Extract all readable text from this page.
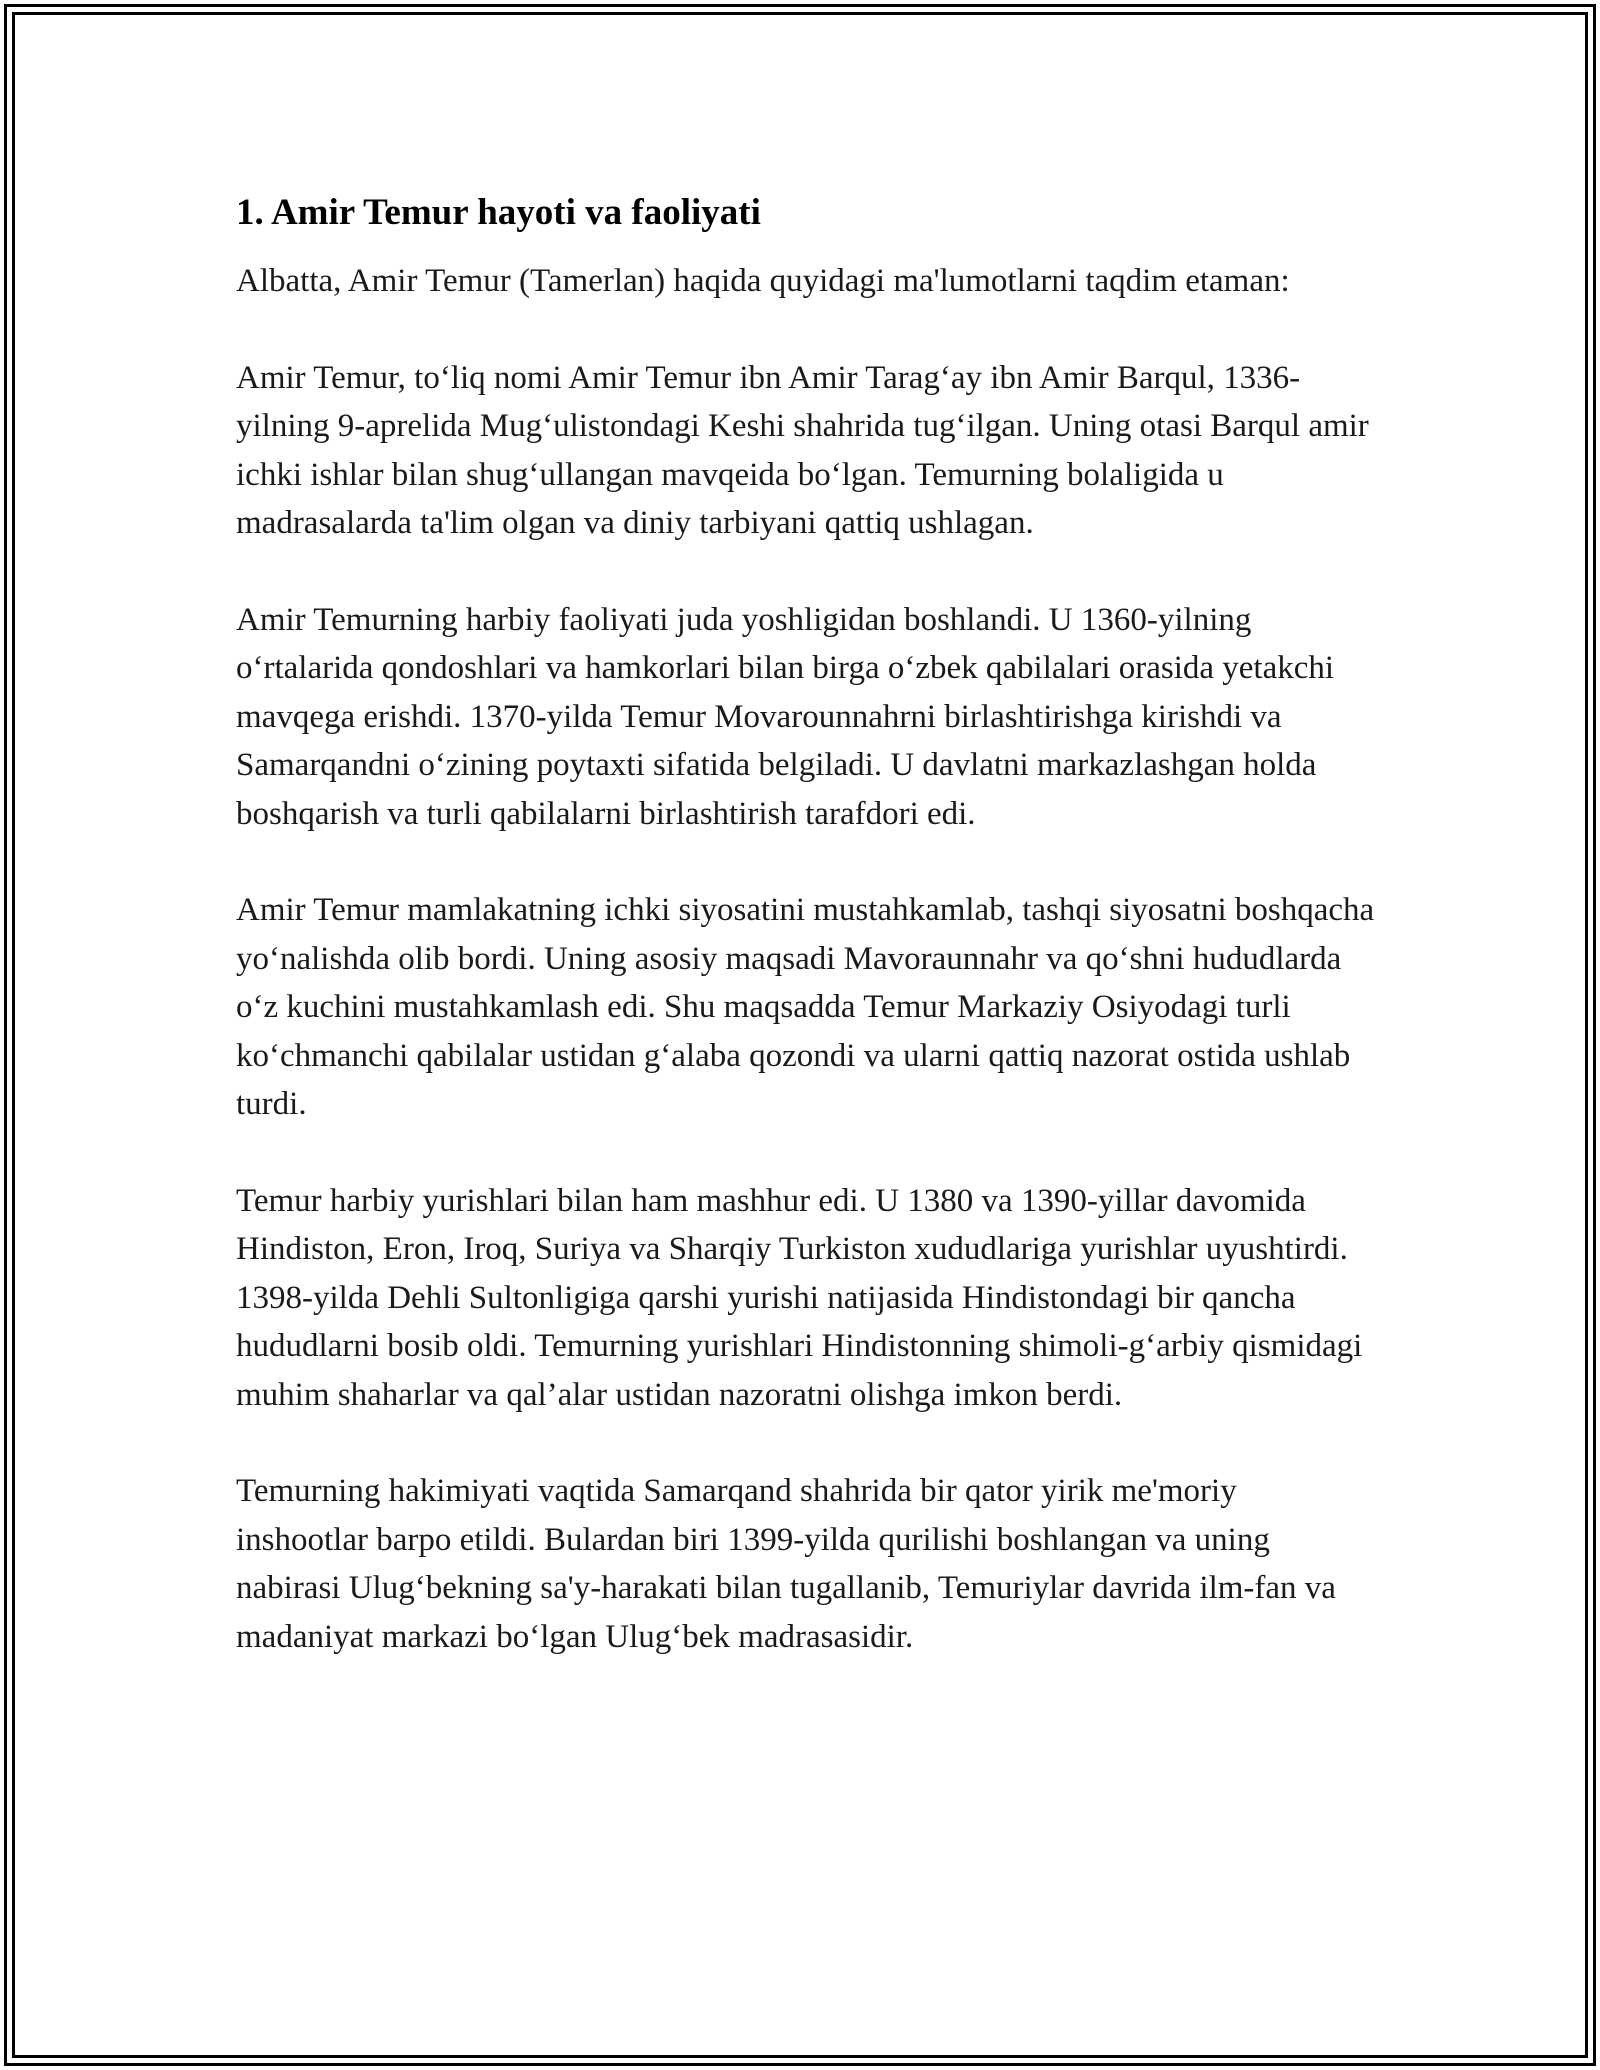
1. Amir Temur hayoti va faoliyati

Albatta, Amir Temur (Tamerlan) haqida quyidagi ma'lumotlarni taqdim etaman:

Amir Temur, to‘liq nomi Amir Temur ibn Amir Tarag‘ay ibn Amir Barqul, 1336-yilning 9-aprelida Mug‘ulistondagi Keshi shahrida tug‘ilgan. Uning otasi Barqul amir ichki ishlar bilan shug‘ullangan mavqeida bo‘lgan. Temurning bolaligida u madrasalarda ta'lim olgan va diniy tarbiyani qattiq ushlagan.

Amir Temurning harbiy faoliyati juda yoshligidan boshlandi. U 1360-yilning o‘rtalarida qondoshlari va hamkorlari bilan birga o‘zbek qabilalari orasida yetakchi mavqega erishdi. 1370-yilda Temur Movarounnahrni birlashtirishga kirishdi va Samarqandni o‘zining poytaxti sifatida belgiladi. U davlatni markazlashgan holda boshqarish va turli qabilalarni birlashtirish tarafdori edi.

Amir Temur mamlakatning ichki siyosatini mustahkamlab, tashqi siyosatni boshqacha yo‘nalishda olib bordi. Uning asosiy maqsadi Mavoraunnahr va qo‘shni hududlarda o‘z kuchini mustahkamlash edi. Shu maqsadda Temur Markaziy Osiyodagi turli ko‘chmanchi qabilalar ustidan g‘alaba qozondi va ularni qattiq nazorat ostida ushlab turdi.

Temur harbiy yurishlari bilan ham mashhur edi. U 1380 va 1390-yillar davomida Hindiston, Eron, Iroq, Suriya va Sharqiy Turkiston xududlariga yurishlar uyushtirdi. 1398-yilda Dehli Sultonligiga qarshi yurishi natijasida Hindistondagi bir qancha hududlarni bosib oldi. Temurning yurishlari Hindistonning shimoli-g‘arbiy qismidagi muhim shaharlar va qal’alar ustidan nazoratni olishga imkon berdi.

Temurning hakimiyati vaqtida Samarqand shahrida bir qator yirik me'moriy inshootlar barpo etildi. Bulardan biri 1399-yilda qurilishi boshlangan va uning nabirasi Ulug‘bekning sa'y-harakati bilan tugallanib, Temuriylar davrida ilm-fan va madaniyat markazi bo‘lgan Ulug‘bek madrasasidir.
